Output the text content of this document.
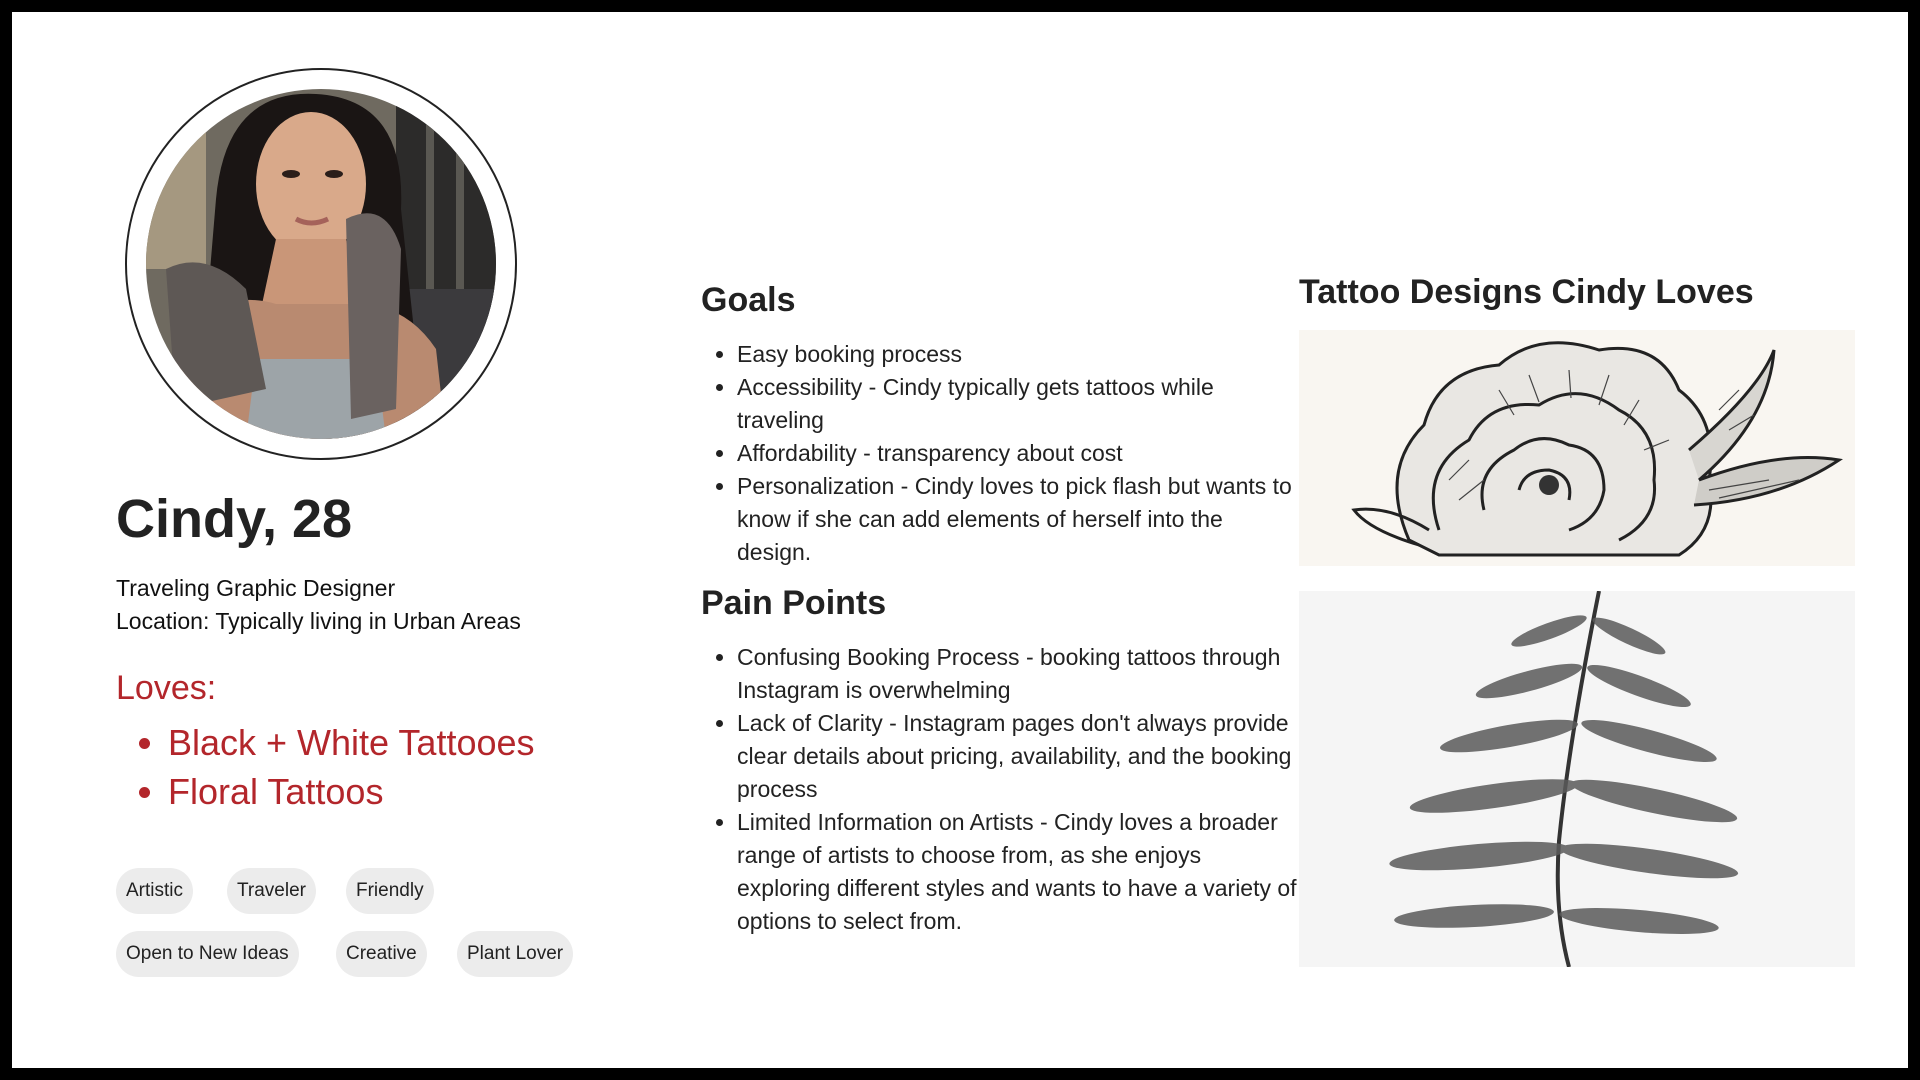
Cindy, 28
Traveling Graphic Designer
Location: Typically living in Urban Areas
Loves:
• Black + White Tattooes
• Floral Tattoos
Artistic	Traveler	Friendly
Open to New Ideas	Creative	Plant Lover
Goals
• Easy booking process
• Accessibility - Cindy typically gets tattoos while traveling
• Affordability - transparency about cost
• Personalization - Cindy loves to pick flash but wants to know if she can add elements of herself into the design.
Pain Points
• Confusing Booking Process - booking tattoos through Instagram is overwhelming
• Lack of Clarity - Instagram pages don't always provide clear details about pricing, availability, and the booking process
• Limited Information on Artists - Cindy loves a broader range of artists to choose from, as she enjoys exploring different styles and wants to have a variety of options to select from.
Tattoo Designs Cindy Loves
